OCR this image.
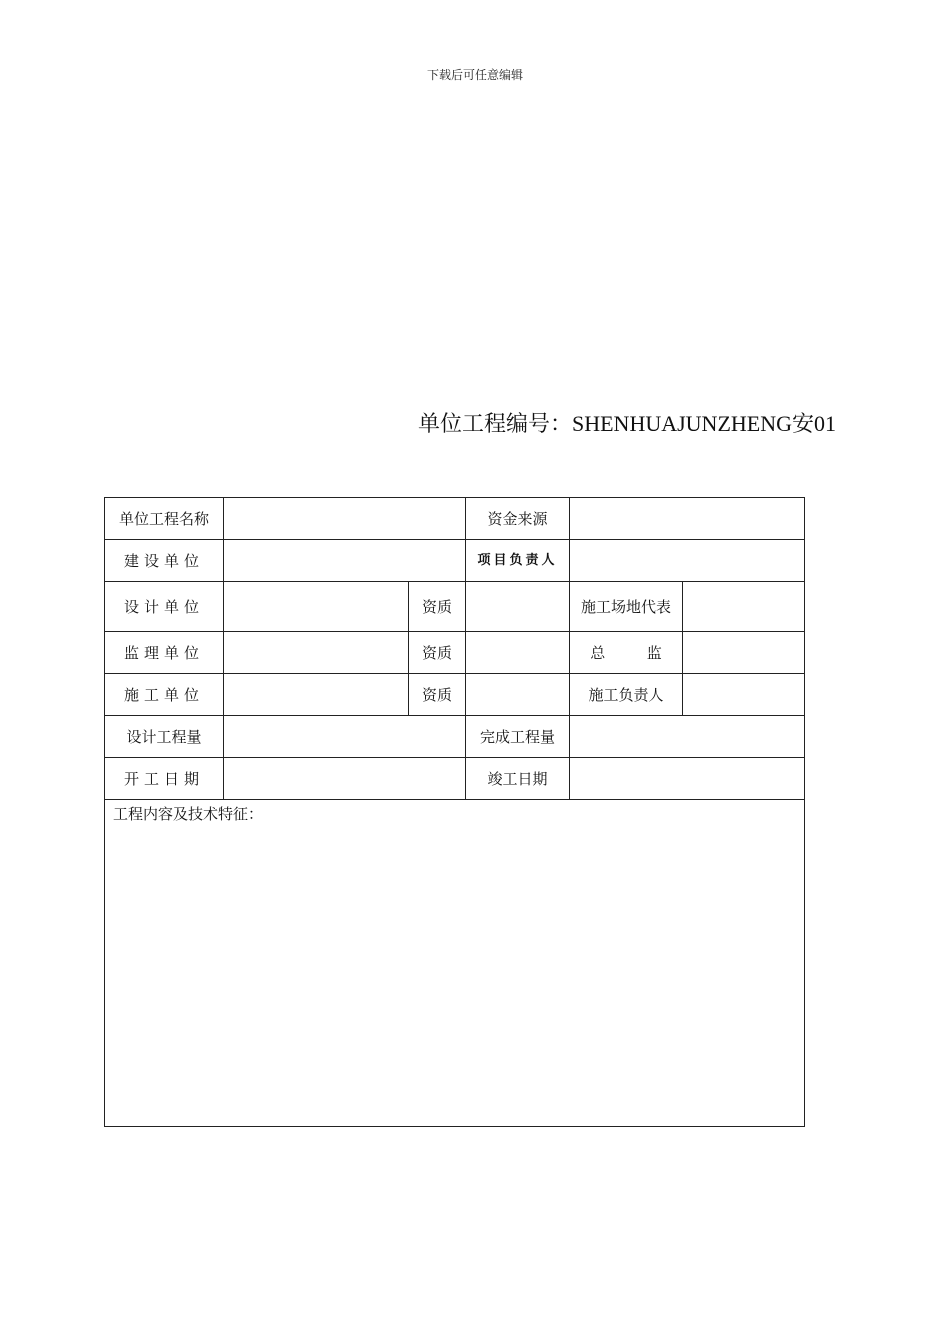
下载后可任意编辑
单位工程编号：SHENHUAJUNZHENG安01
单位工程名称			资金来源		
建设单位			项目负责人		
设计单位		资质		施工场地代表	
监理单位		资质		总  监	
施工单位		资质		施工负责人	
设计工程量			完成工程量		
开工日期			竣工日期		
工程内容及技术特征：					
